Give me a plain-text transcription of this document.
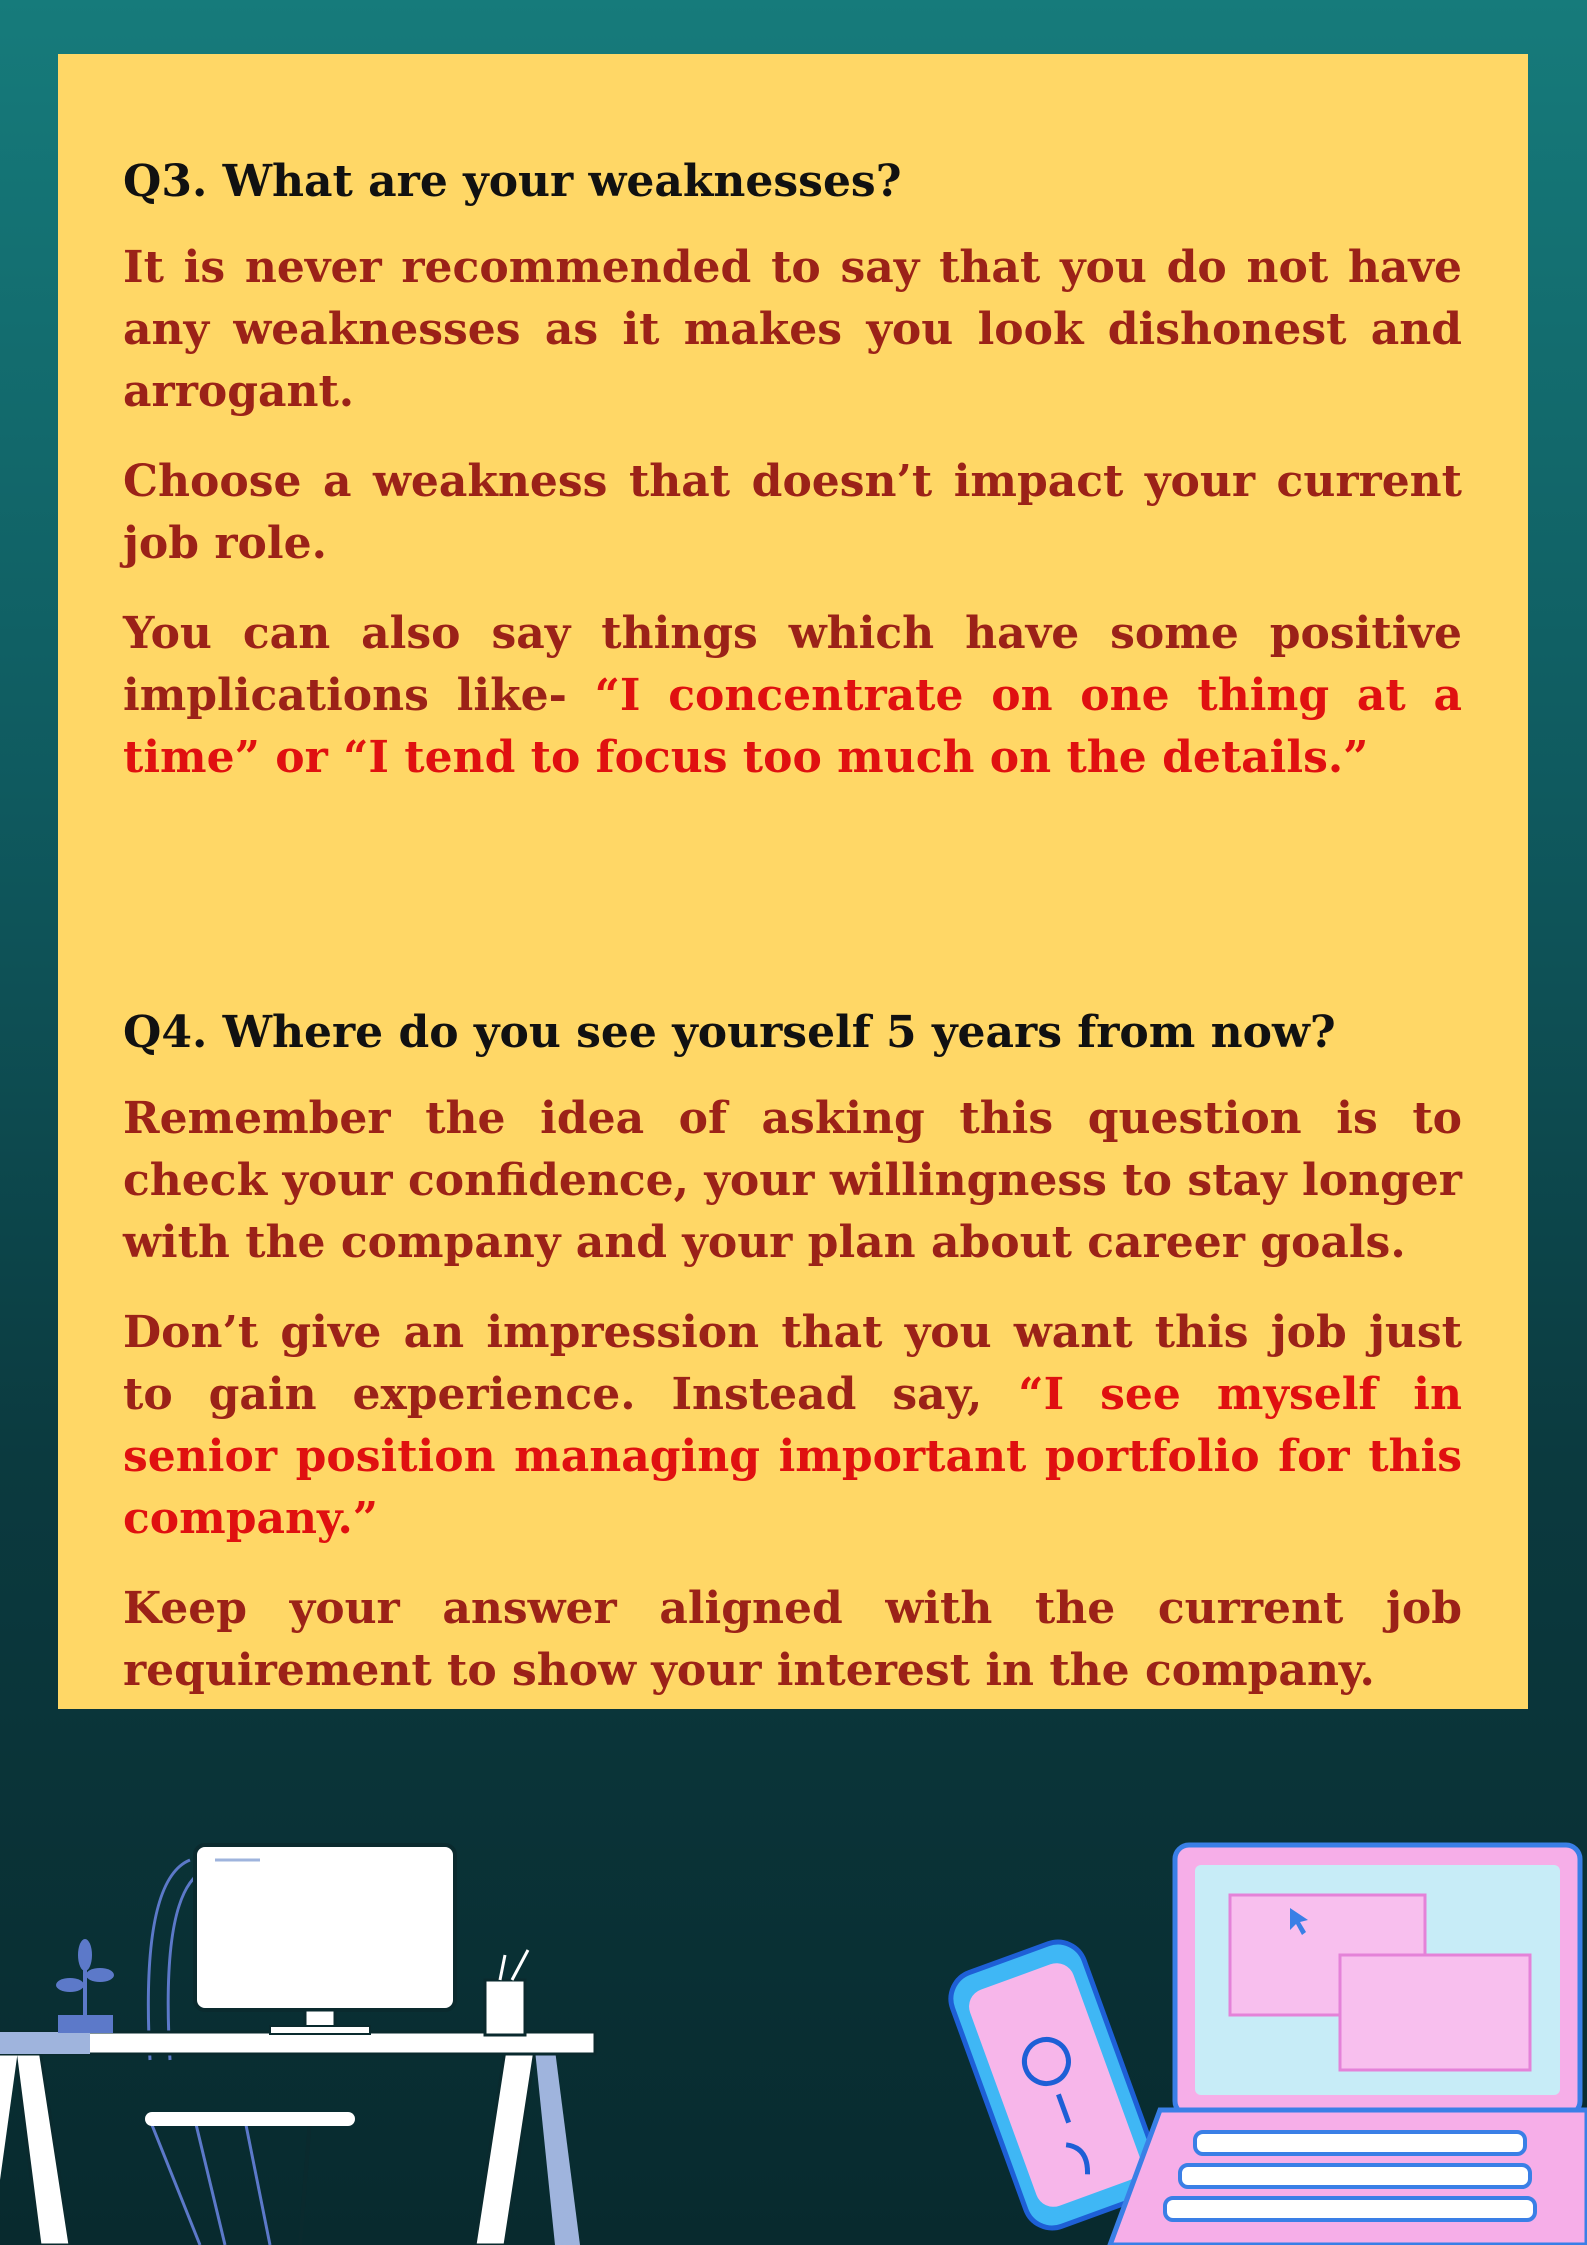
Q3. What are your weaknesses?

It is never recommended to say that you do not have any weaknesses as it makes you look dishonest and arrogant.

Choose a weakness that doesn’t impact your current job role.

You can also say things which have some positive implications like- “I concentrate on one thing at a time” or “I tend to focus too much on the details.”

Q4. Where do you see yourself 5 years from now?

Remember the idea of asking this question is to check your confidence, your willingness to stay longer with the company and your plan about career goals.

Don’t give an impression that you want this job just to gain experience. Instead say, “I see myself in senior position managing important portfolio for this company.”

Keep your answer aligned with the current job requirement to show your interest in the company.
